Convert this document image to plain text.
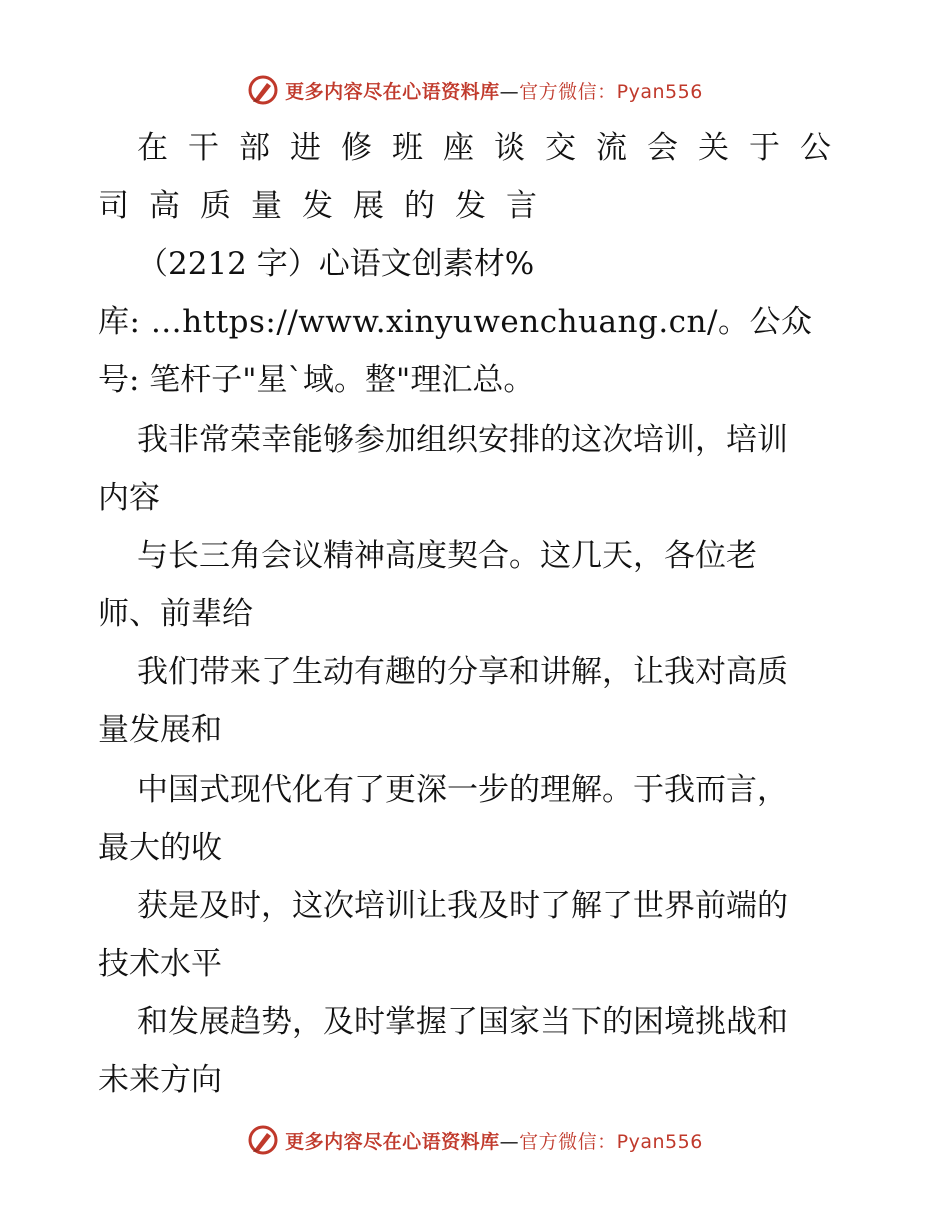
更多内容尽在心语资料库—官方微信：Pyan556
在干部进修班座谈交流会关于公
司高质量发展的发言
（2212 字）心语文创素材%
库: …https://www.xinyuwenchuang.cn/。公众
号: 笔杆子"星`域。整"理汇总。
我非常荣幸能够参加组织安排的这次培训，培训
内容
与长三角会议精神高度契合。这几天，各位老
师、前辈给
我们带来了生动有趣的分享和讲解，让我对高质
量发展和
中国式现代化有了更深一步的理解。于我而言，
最大的收
获是及时，这次培训让我及时了解了世界前端的
技术水平
和发展趋势，及时掌握了国家当下的困境挑战和
未来方向
更多内容尽在心语资料库—官方微信：Pyan556
